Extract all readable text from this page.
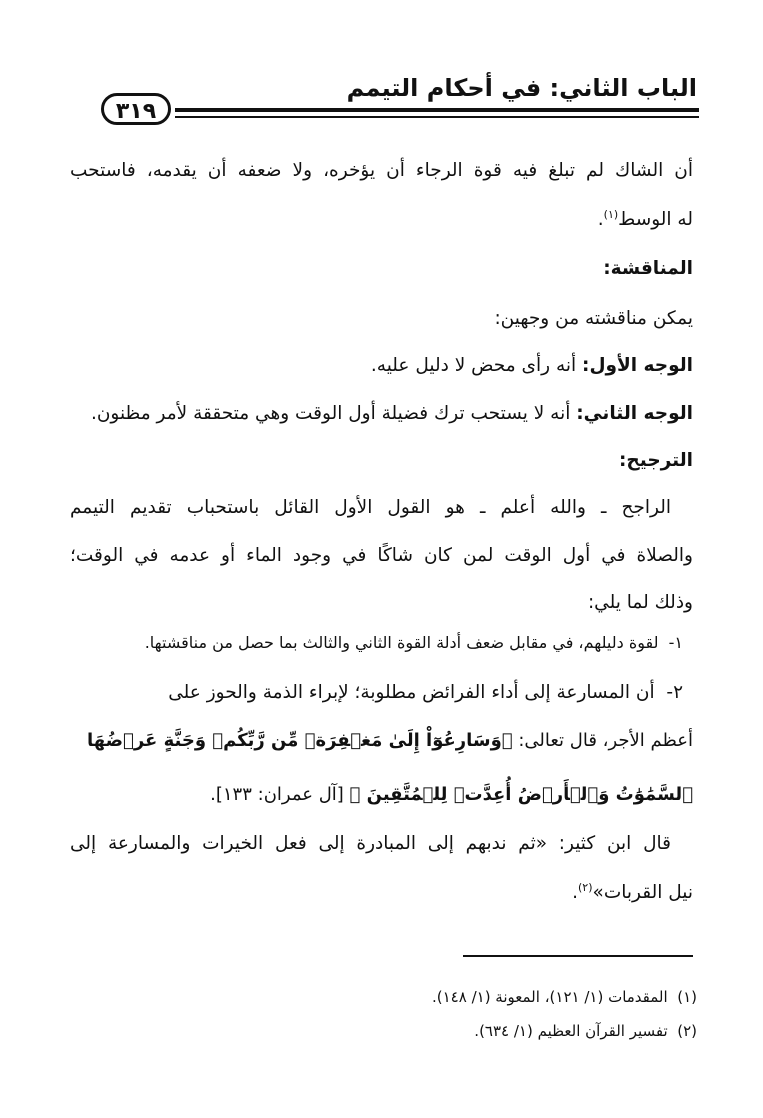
الباب الثاني: في أحكام التيمم
٣١٩
أن الشاك لم تبلغ فيه قوة الرجاء أن يؤخره، ولا ضعفه أن يقدمه، فاستحب
له الوسط$^{(١)}$.
المناقشة:
يمكن مناقشته من وجهين:
الوجه الأول: أنه رأى محض لا دليل عليه.
الوجه الثاني: أنه لا يستحب ترك فضيلة أول الوقت وهي متحققة لأمر مظنون.
الترجيح:
الراجح ـ والله أعلم ـ هو القول الأول القائل باستحباب تقديم التيمم
والصلاة في أول الوقت لمن كان شاكًا في وجود الماء أو عدمه في الوقت؛
وذلك لما يلي:
١-  لقوة دليلهم، في مقابل ضعف أدلة القوة الثاني والثالث بما حصل من مناقشتها.
٢-  أن المسارعة إلى أداء الفرائض مطلوبة؛ لإبراء الذمة والحوز على
أعظم الأجر، قال تعالى: ﴿وَسَارِعُوٓاْ إِلَىٰ مَغۡفِرَةٖ مِّن رَّبِّكُمۡ وَجَنَّةٍ عَرۡضُهَا
ٱلسَّمَٰوَٰتُ وَٱلۡأَرۡضُ أُعِدَّتۡ لِلۡمُتَّقِينَ ﴾ [آل عمران: ١٣٣].
قال ابن كثير: «ثم ندبهم إلى المبادرة إلى فعل الخيرات والمسارعة إلى
نيل القربات»$^{(٢)}$.
(١)  المقدمات (١/ ١٢١)، المعونة (١/ ١٤٨).
(٢)  تفسير القرآن العظيم (١/ ٦٣٤).
